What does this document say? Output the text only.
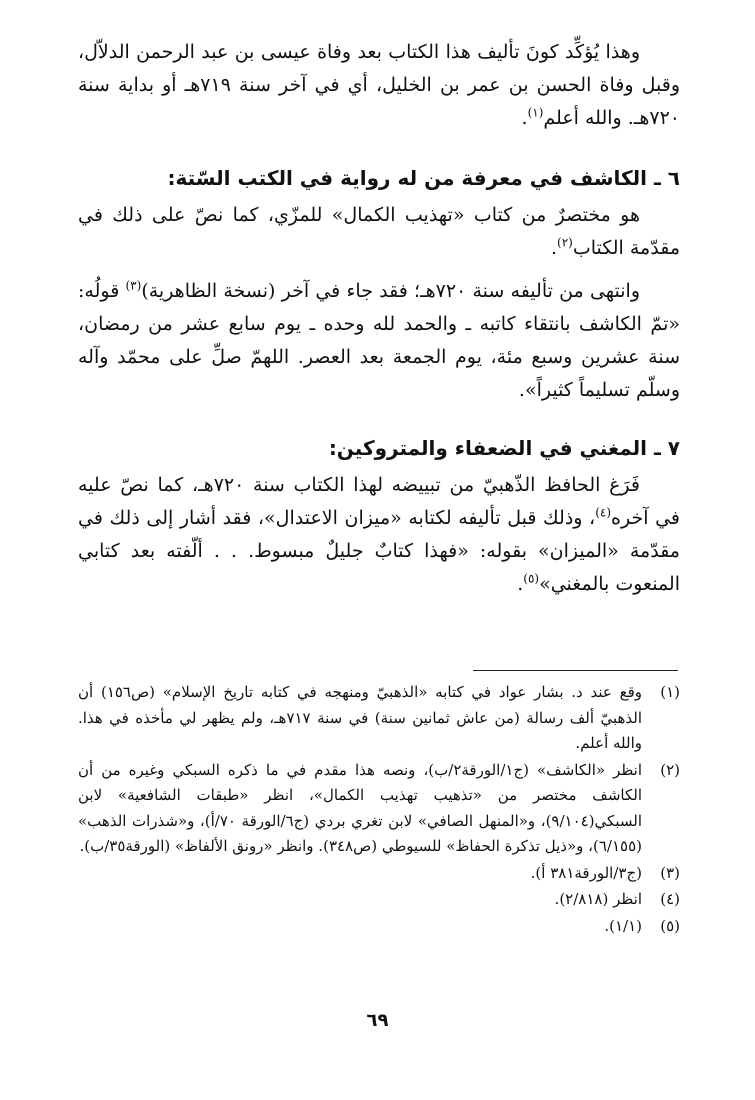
وهذا يُؤكِّد كونَ تأليف هذا الكتاب بعد وفاة عيسى بن عبد الرحمن الدلاّل، وقبل وفاة الحسن بن عمر بن الخليل، أي في آخر سنة ٧١٩هـ أو بداية سنة ٧٢٠هـ. والله أعلم$^{(١)}$.

٦ ـ الكاشف في معرفة من له رواية في الكتب السّتة:

هو مختصرٌ من كتاب «تهذيب الكمال» للمزّي، كما نصّ على ذلك في مقدّمة الكتاب$^{(٢)}$.

وانتهى من تأليفه سنة ٧٢٠هـ؛ فقد جاء في آخر (نسخة الظاهرية)$^{(٣)}$ قولُه: «تمّ الكاشف بانتقاء كاتبه ـ والحمد لله وحده ـ يوم سابع عشر من رمضان، سنة عشرين وسبع مئة، يوم الجمعة بعد العصر. اللهمّ صلِّ على محمّد وآله وسلّم تسليماً كثيراً».

٧ ـ المغني في الضعفاء والمتروكين:

فَرَغ الحافظ الذّهبيّ من تبييضه لهذا الكتاب سنة ٧٢٠هـ، كما نصّ عليه في آخره$^{(٤)}$، وذلك قبل تأليفه لكتابه «ميزان الاعتدال»، فقد أشار إلى ذلك في مقدّمة «الميزان» بقوله: «فهذا كتابٌ جليلٌ مبسوط. . . ألّفته بعد كتابي المنعوت بالمغني»$^{(٥)}$.

(١)
وقع عند د. بشار عواد في كتابه «الذهبيّ ومنهجه في كتابه تاريخ الإسلام» (ص١٥٦) أن الذهبيّ ألف رسالة (من عاش ثمانين سنة) في سنة ٧١٧هـ، ولم يظهر لي مأخذه في هذا. والله أعلم.
(٢)
انظر «الكاشف» (ج١/الورقة٢/ب)، ونصه هذا مقدم في ما ذكره السبكي وغيره من أن الكاشف مختصر من «تذهيب تهذيب الكمال»، انظر «طبقات الشافعية» لابن السبكي(٩/١٠٤)، و«المنهل الصافي» لابن تغري بردي (ج٦/الورقة ٧٠/أ)، و«شذرات الذهب» (٦/١٥٥)، و«ذيل تذكرة الحفاظ» للسيوطي (ص٣٤٨). وانظر «رونق الألفاظ» (الورقة٣٥/ب).
(٣)
(ج٣/الورقة٣٨١ أ).
(٤)
انظر (٢/٨١٨).
(٥)
(١/١).
٦٩
